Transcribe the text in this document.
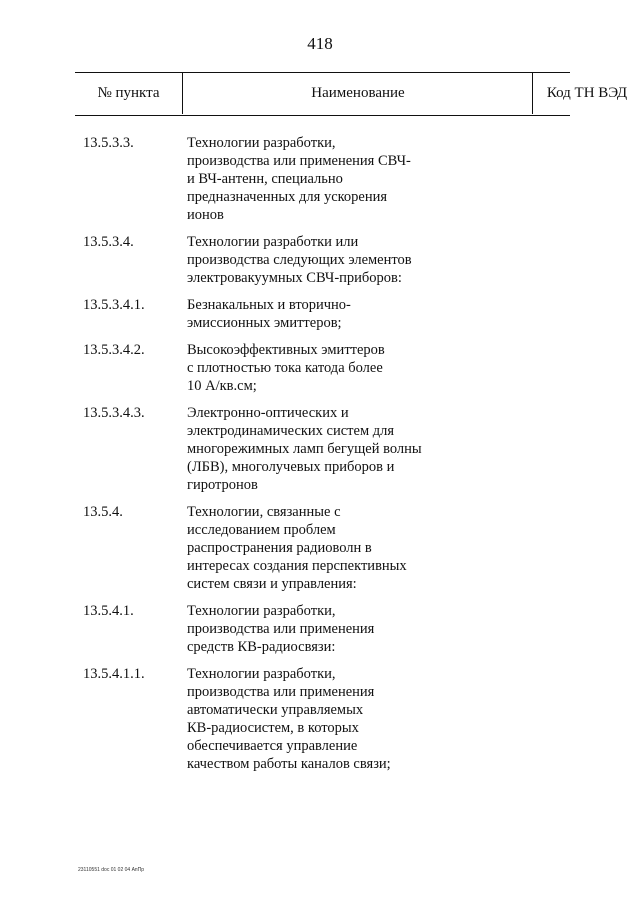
418
№ пункта	Наименование	Код ТН ВЭД
13.5.3.3.	Технологии разработки,
производства или применения СВЧ-
и ВЧ-антенн, специально
предназначенных для ускорения
ионов
13.5.3.4.	Технологии разработки или
производства следующих элементов
электровакуумных СВЧ-приборов:
13.5.3.4.1.	Безнакальных и вторично-
эмиссионных эмиттеров;
13.5.3.4.2.	Высокоэффективных эмиттеров
с плотностью тока катода более
10 А/кв.см;
13.5.3.4.3.	Электронно-оптических и
электродинамических систем для
многорежимных ламп бегущей волны
(ЛБВ), многолучевых приборов и
гиротронов
13.5.4.	Технологии, связанные с
исследованием проблем
распространения радиоволн в
интересах создания перспективных
систем связи и управления:
13.5.4.1.	Технологии разработки,
производства или применения
средств КВ-радиосвязи:
13.5.4.1.1.	Технологии разработки,
производства или применения
автоматически управляемых
КВ-радиосистем, в которых
обеспечивается управление
качеством работы каналов связи;
23110551 doc 01 02 04 АпПр
